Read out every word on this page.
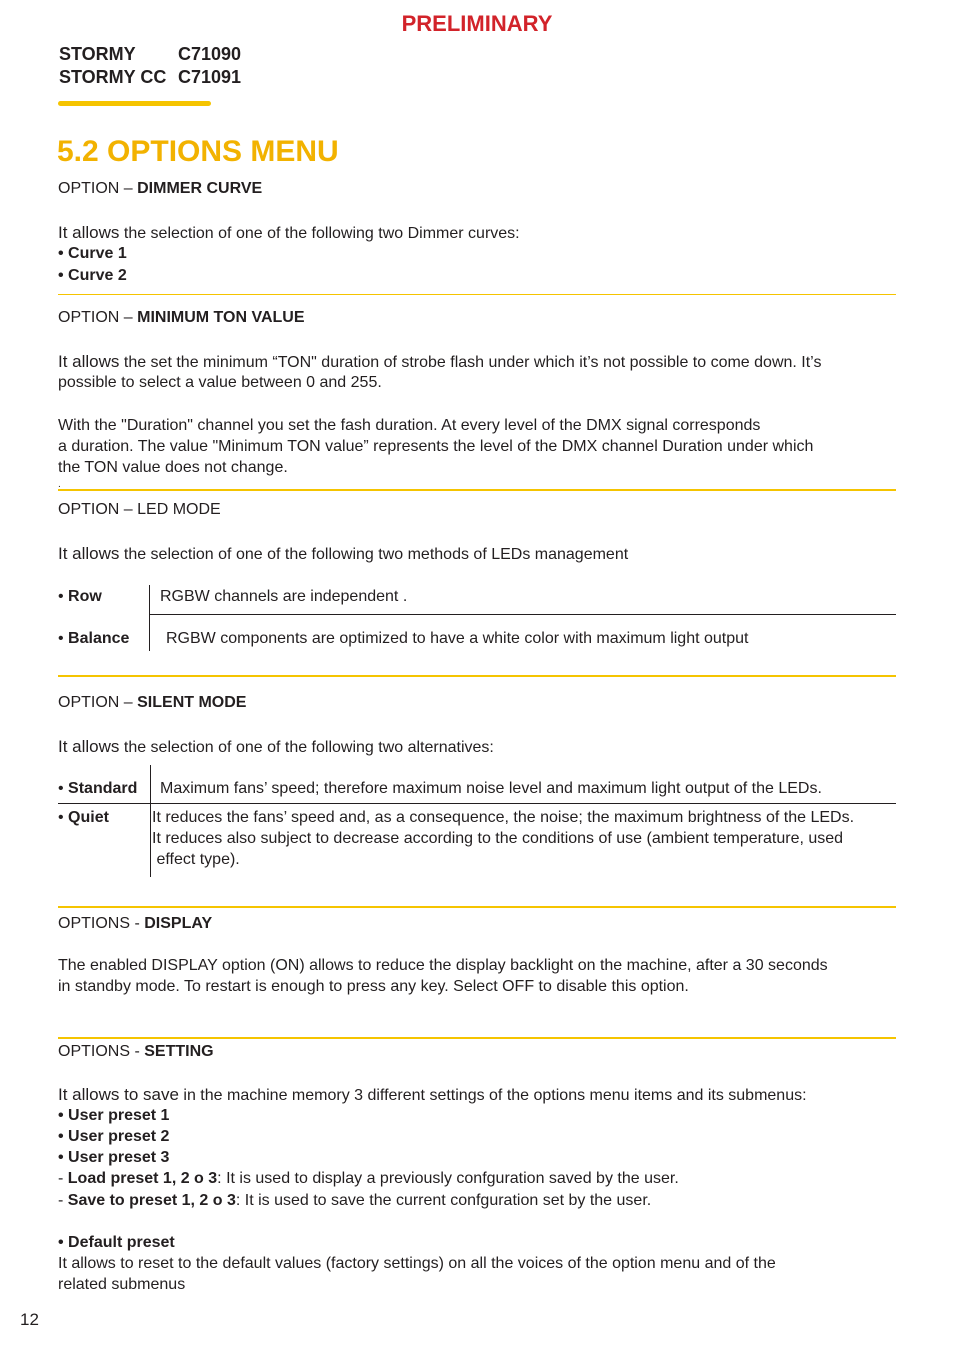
PRELIMINARY
STORMY C71090
STORMY CC C71091
5.2 OPTIONS MENU
OPTION – DIMMER CURVE
It allows the selection of one of the following two Dimmer curves:
• Curve 1
• Curve 2
OPTION – MINIMUM TON VALUE
It allows the set the minimum “TON" duration of strobe flash under which it’s not possible to come down. It’s
possible to select a value between 0 and 255.
With the "Duration" channel you set the fash duration. At every level of the DMX signal corresponds
a duration. The value "Minimum TON value” represents the level of the DMX channel Duration under which
the TON value does not change.
.
OPTION – LED MODE
It allows the selection of one of the following two methods of LEDs management
• Row	RGBW channels are independent .
• Balance RGBW components are optimized to have a white color with maximum light output
OPTION – SILENT MODE
It allows the selection of one of the following two alternatives:
• Standard Maximum fans’ speed; therefore maximum noise level and maximum light output of the LEDs.
• Quiet	It reduces the fans’ speed and, as a consequence, the noise; the maximum brightness of the LEDs.
It reduces also subject to decrease according to the conditions of use (ambient temperature, used
effect type).
OPTIONS - DISPLAY
The enabled DISPLAY option (ON) allows to reduce the display backlight on the machine, after a 30 seconds
in standby mode. To restart is enough to press any key. Select OFF to disable this option.
OPTIONS - SETTING
It allows to save in the machine memory 3 different settings of the options menu items and its submenus:
• User preset 1
• User preset 2
• User preset 3
- Load preset 1, 2 o 3: It is used to display a previously confguration saved by the user.
- Save to preset 1, 2 o 3: It is used to save the current confguration set by the user.
• Default preset
It allows to reset to the default values (factory settings) on all the voices of the option menu and of the
related submenus
12
